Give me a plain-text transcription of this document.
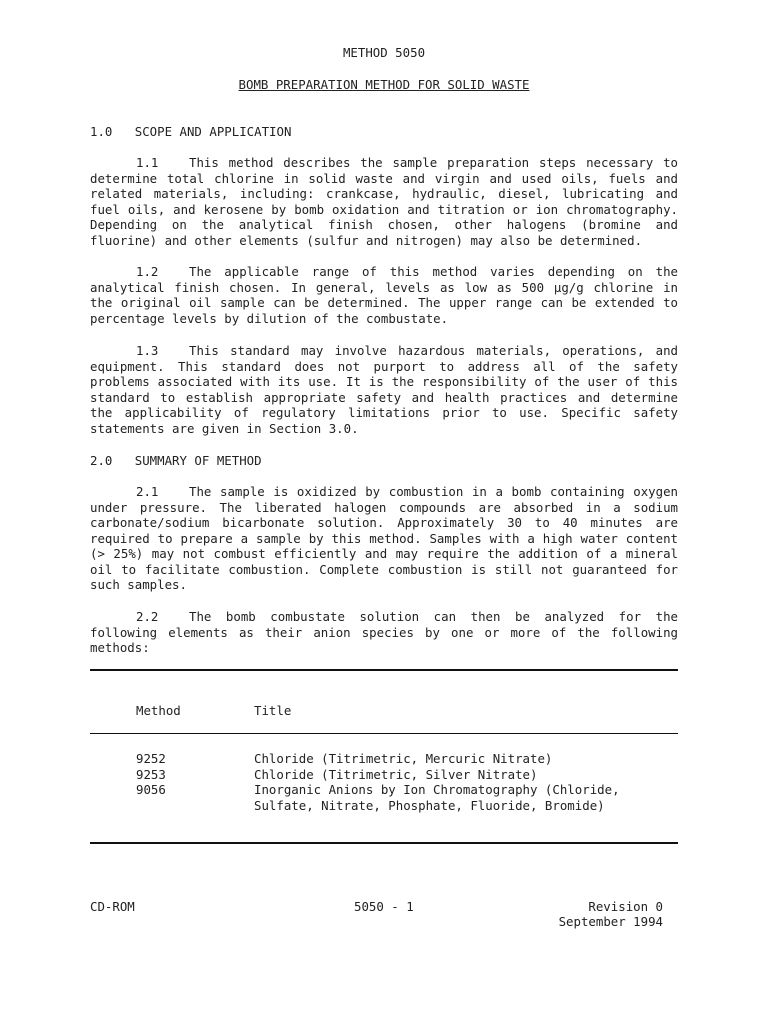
METHOD 5050
BOMB PREPARATION METHOD FOR SOLID WASTE
1.0   SCOPE AND APPLICATION
1.1 This method describes the sample preparation steps necessary to determine total chlorine in solid waste and virgin and used oils, fuels and related materials, including: crankcase, hydraulic, diesel, lubricating and fuel oils, and kerosene by bomb oxidation and titration or ion chromatography. Depending on the analytical finish chosen, other halogens (bromine and fluorine) and other elements (sulfur and nitrogen) may also be determined.
1.2 The applicable range of this method varies depending on the analytical finish chosen. In general, levels as low as 500 µg/g chlorine in the original oil sample can be determined. The upper range can be extended to percentage levels by dilution of the combustate.
1.3 This standard may involve hazardous materials, operations, and equipment. This standard does not purport to address all of the safety problems associated with its use. It is the responsibility of the user of this standard to establish appropriate safety and health practices and determine the applicability of regulatory limitations prior to use. Specific safety statements are given in Section 3.0.
2.0   SUMMARY OF METHOD
2.1 The sample is oxidized by combustion in a bomb containing oxygen under pressure. The liberated halogen compounds are absorbed in a sodium carbonate/sodium bicarbonate solution. Approximately 30 to 40 minutes are required to prepare a sample by this method. Samples with a high water content (> 25%) may not combust efficiently and may require the addition of a mineral oil to facilitate combustion. Complete combustion is still not guaranteed for such samples.
2.2 The bomb combustate solution can then be analyzed for the following elements as their anion species by one or more of the following methods:
Method	Title
9252	Chloride (Titrimetric, Mercuric Nitrate)
9253	Chloride (Titrimetric, Silver Nitrate)
9056	Inorganic Anions by Ion Chromatography (Chloride,
Sulfate, Nitrate, Phosphate, Fluoride, Bromide)
CD-ROM	5050 - 1	Revision 0
September 1994
